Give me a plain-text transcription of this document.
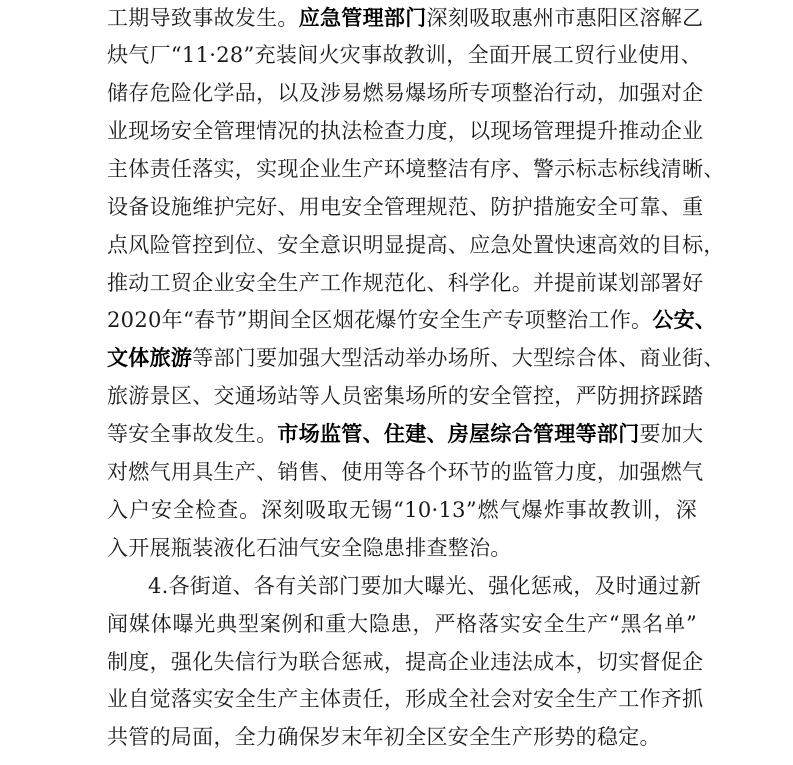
工期导致事故发生。应急管理部门深刻吸取惠州市惠阳区溶解乙
炔气厂“11·28”充装间火灾事故教训，全面开展工贸行业使用、
储存危险化学品，以及涉易燃易爆场所专项整治行动，加强对企
业现场安全管理情况的执法检查力度，以现场管理提升推动企业
主体责任落实，实现企业生产环境整洁有序、警示标志标线清晰、
设备设施维护完好、用电安全管理规范、防护措施安全可靠、重
点风险管控到位、安全意识明显提高、应急处置快速高效的目标，
推动工贸企业安全生产工作规范化、科学化。并提前谋划部署好
2020年“春节”期间全区烟花爆竹安全生产专项整治工作。公安、
文体旅游等部门要加强大型活动举办场所、大型综合体、商业街、
旅游景区、交通场站等人员密集场所的安全管控，严防拥挤踩踏
等安全事故发生。市场监管、住建、房屋综合管理等部门要加大
对燃气用具生产、销售、使用等各个环节的监管力度，加强燃气
入户安全检查。深刻吸取无锡“10·13”燃气爆炸事故教训，深
入开展瓶装液化石油气安全隐患排查整治。
4.各街道、各有关部门要加大曝光、强化惩戒，及时通过新
闻媒体曝光典型案例和重大隐患，严格落实安全生产“黑名单”
制度，强化失信行为联合惩戒，提高企业违法成本，切实督促企
业自觉落实安全生产主体责任，形成全社会对安全生产工作齐抓
共管的局面，全力确保岁末年初全区安全生产形势的稳定。
